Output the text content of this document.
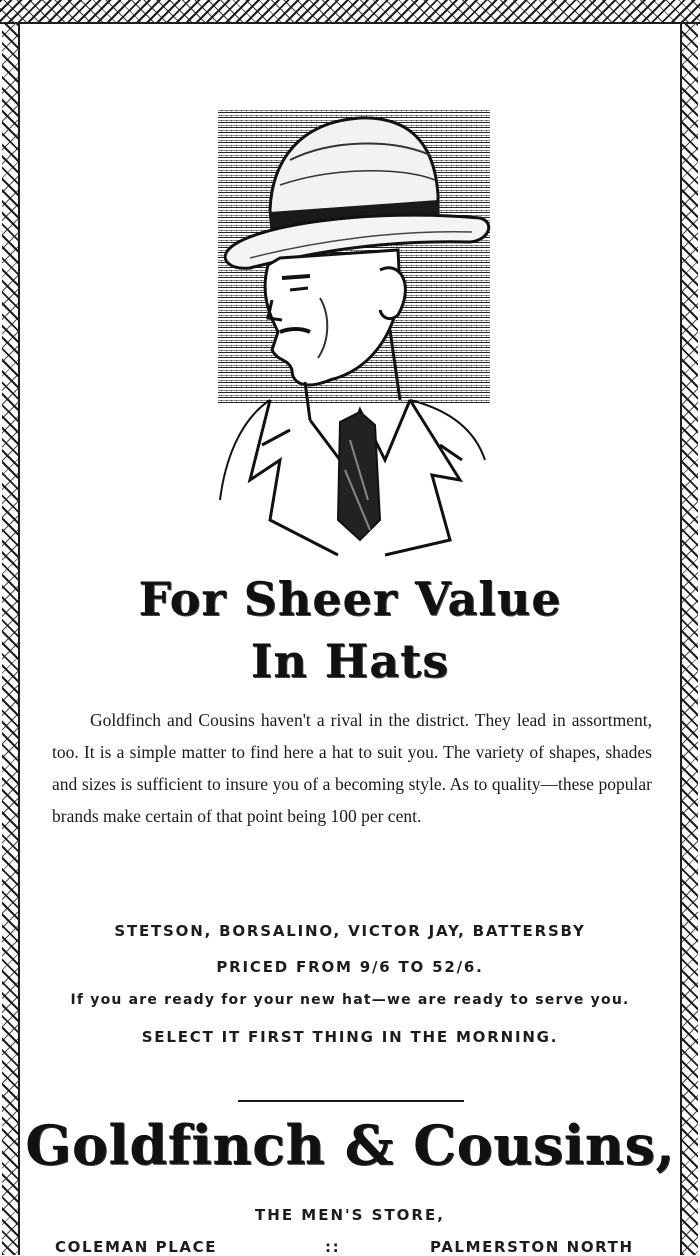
For Sheer Value
In Hats

Goldfinch and Cousins haven't a rival in the district. They lead in assortment, too. It is a simple matter to find here a hat to suit you. The variety of shapes, shades and sizes is sufficient to insure you of a becoming style. As to quality—these popular brands make certain of that point being 100 per cent.

STETSON, BORSALINO, VICTOR JAY, BATTERSBY
PRICED FROM 9/6 TO 52/6.
If you are ready for your new hat—we are ready to serve you.
SELECT IT FIRST THING IN THE MORNING.
Goldfinch & Cousins,
THE MEN'S STORE,
COLEMAN PLACE	::	PALMERSTON NORTH
